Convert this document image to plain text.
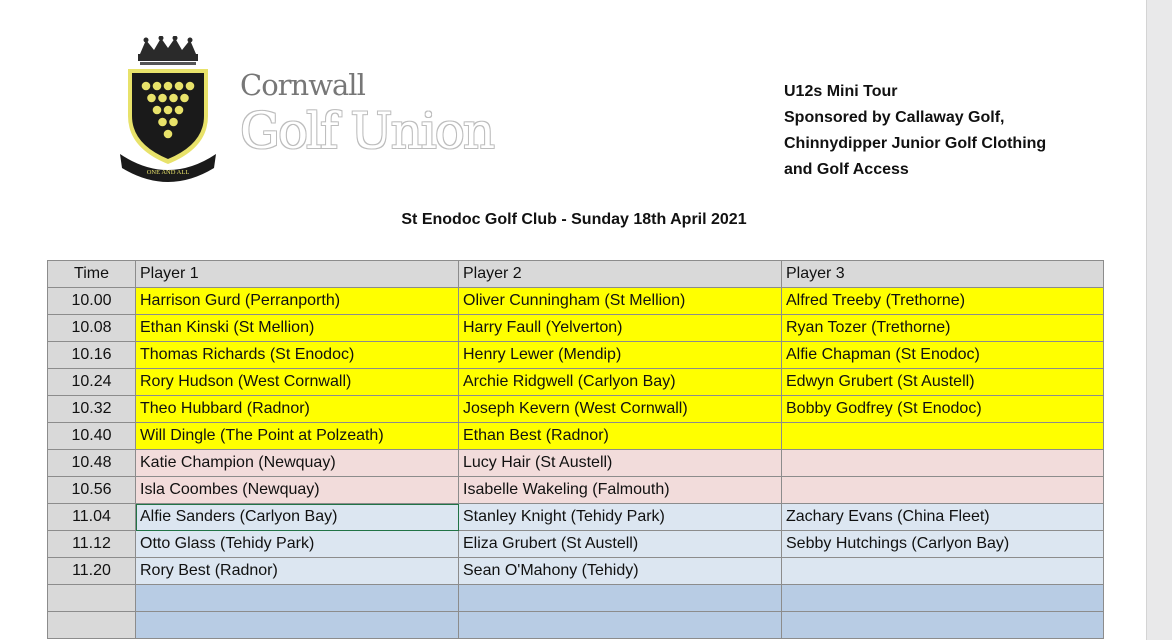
ONE AND ALL
Cornwall
Golf Union
U12s Mini Tour
Sponsored by Callaway Golf,
Chinnydipper Junior Golf Clothing
and Golf Access
St Enodoc Golf Club - Sunday 18th April 2021
Time	Player 1	Player 2	Player 3
10.00	Harrison Gurd (Perranporth)	Oliver Cunningham (St Mellion)	Alfred Treeby (Trethorne)
10.08	Ethan Kinski (St Mellion)	Harry Faull (Yelverton)	Ryan Tozer (Trethorne)
10.16	Thomas Richards (St Enodoc)	Henry Lewer (Mendip)	Alfie Chapman (St Enodoc)
10.24	Rory Hudson (West Cornwall)	Archie Ridgwell (Carlyon Bay)	Edwyn Grubert (St Austell)
10.32	Theo Hubbard (Radnor)	Joseph Kevern (West Cornwall)	Bobby Godfrey (St Enodoc)
10.40	Will Dingle (The Point at Polzeath)	Ethan Best (Radnor)	
10.48	Katie Champion (Newquay)	Lucy Hair (St Austell)	
10.56	Isla Coombes (Newquay)	Isabelle Wakeling (Falmouth)	
11.04	Alfie Sanders (Carlyon Bay)	Stanley Knight (Tehidy Park)	Zachary Evans (China Fleet)
11.12	Otto Glass (Tehidy Park)	Eliza Grubert (St Austell)	Sebby Hutchings (Carlyon Bay)
11.20	Rory Best (Radnor)	Sean O'Mahony (Tehidy)	
